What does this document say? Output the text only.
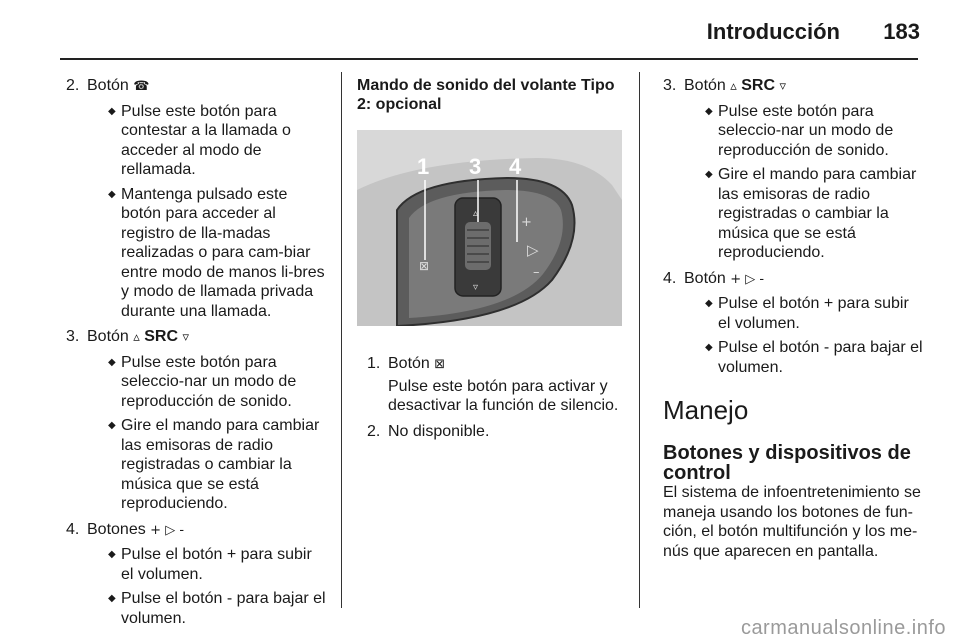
Introducción 183
2. Botón ☎
◆ Pulse este botón para contestar a la llamada o acceder al modo de rellamada.
◆ Mantenga pulsado este botón para acceder al registro de lla-madas realizadas o para cam-biar entre modo de manos li-bres y modo de llamada privada durante una llamada.
3. Botón ▵ SRC ▿
◆ Pulse este botón para seleccio-nar un modo de reproducción de sonido.
◆ Gire el mando para cambiar las emisoras de radio registradas o cambiar la música que se está reproduciendo.
4. Botones + ▷ -
◆ Pulse el botón + para subir el volumen.
◆ Pulse el botón - para bajar el volumen.
Mando de sonido del volante Tipo 2: opcional
1 3 4
⊠
▵
▿
+
▷
–
1. Botón ⊠
Pulse este botón para activar y desactivar la función de silencio.
2. No disponible.
3. Botón ▵ SRC ▿
◆ Pulse este botón para seleccio-nar un modo de reproducción de sonido.
◆ Gire el mando para cambiar las emisoras de radio registradas o cambiar la música que se está reproduciendo.
4. Botón + ▷ -
◆ Pulse el botón + para subir el volumen.
◆ Pulse el botón - para bajar el volumen.
Manejo
Botones y dispositivos de control
El sistema de infoentretenimiento se maneja usando los botones de fun-ción, el botón multifunción y los me-nús que aparecen en pantalla.
carmanualsonline.info
